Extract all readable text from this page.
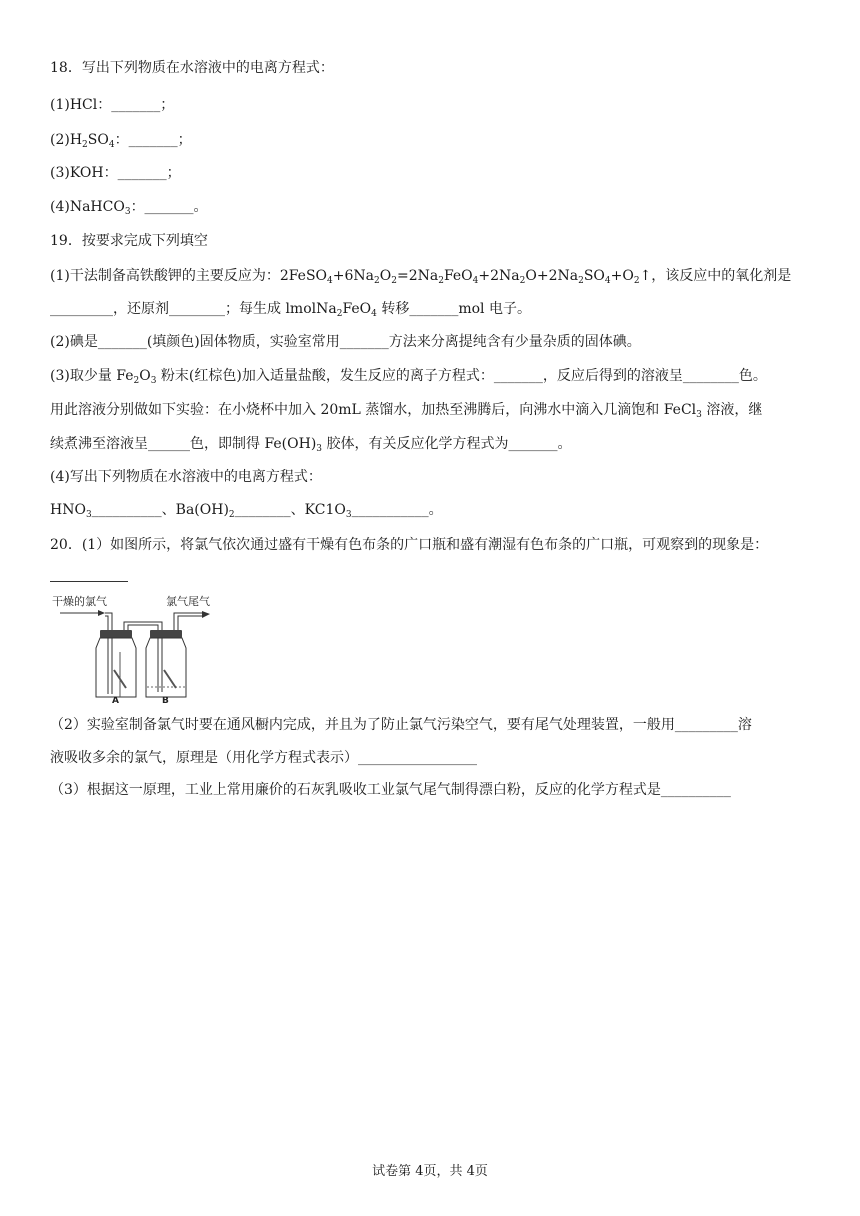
18．写出下列物质在水溶液中的电离方程式：
(1)HCl：_______；
$(2)H_2SO_4$：_______；
(3)KOH：_______；
(4)NaHCO$_3$：_______。
19．按要求完成下列填空
(1)干法制备高铁酸钾的主要反应为：$2FeSO_4+6Na_2O_2=2Na_2FeO_4+2Na_2O+2Na_2SO_4+O_2↑$，该反应中的氧化剂是
_________，还原剂________；每生成 lmolNa$_2$FeO$_4$ 转移_______mol 电子。
(2)碘是_______(填颜色)固体物质，实验室常用_______方法来分离提纯含有少量杂质的固体碘。
(3)取少量 $Fe_2O_3$ 粉末(红棕色)加入适量盐酸，发生反应的离子方程式：_______，反应后得到的溶液呈________色。
用此溶液分别做如下实验：在小烧杯中加入 20mL 蒸馏水，加热至沸腾后，向沸水中滴入几滴饱和 FeCl$_3$ 溶液，继
续煮沸至溶液呈______色，即制得 $Fe(OH)_3$ 胶体，有关反应化学方程式为_______。
(4)写出下列物质在水溶液中的电离方程式：
$HNO_3\_\_\_\_\_\_\_\_\_\_$、$Ba(OH)_2\_\_\_\_\_\_\_\_$、$KC1O_3\_\_\_\_\_\_\_\_\_\_\_$。
20．(1）如图所示，将氯气依次通过盛有干燥有色布条的广口瓶和盛有潮湿有色布条的广口瓶，可观察到的现象是：
干燥的氯气	氯气尾气
A	B
（2）实验室制备氯气时要在通风橱内完成，并且为了防止氯气污染空气，要有尾气处理装置，一般用_________溶
液吸收多余的氯气，原理是（用化学方程式表示）_________________
（3）根据这一原理，工业上常用廉价的石灰乳吸收工业氯气尾气制得漂白粉，反应的化学方程式是__________
试卷第 4页，共 4页
